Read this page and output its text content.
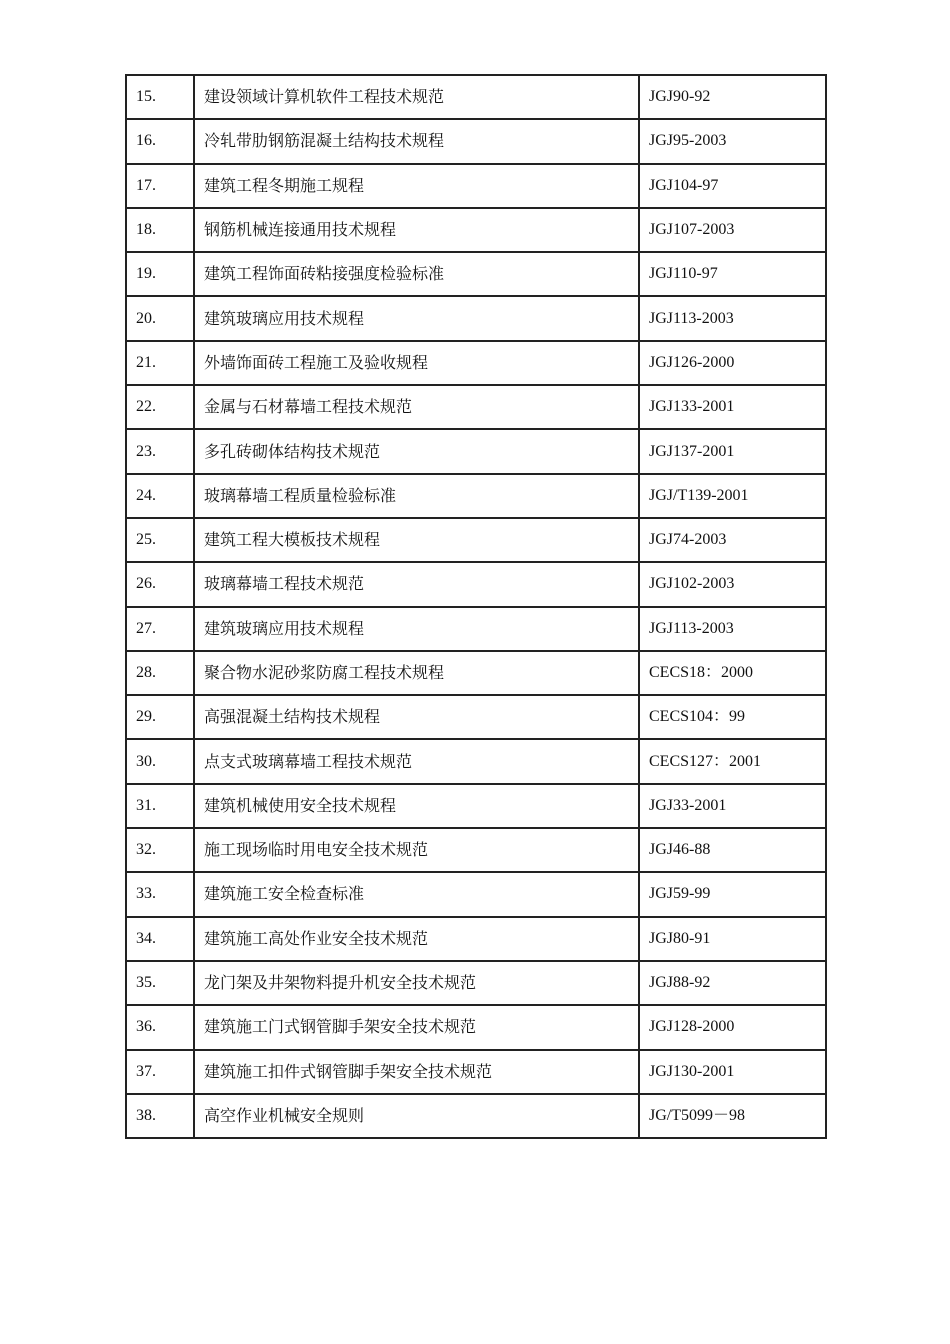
15.	建设领域计算机软件工程技术规范	JGJ90-92
16.	冷轧带肋钢筋混凝土结构技术规程	JGJ95-2003
17.	建筑工程冬期施工规程	JGJ104-97
18.	钢筋机械连接通用技术规程	JGJ107-2003
19.	建筑工程饰面砖粘接强度检验标准	JGJ110-97
20.	建筑玻璃应用技术规程	JGJ113-2003
21.	外墙饰面砖工程施工及验收规程	JGJ126-2000
22.	金属与石材幕墙工程技术规范	JGJ133-2001
23.	多孔砖砌体结构技术规范	JGJ137-2001
24.	玻璃幕墙工程质量检验标准	JGJ/T139-2001
25.	建筑工程大模板技术规程	JGJ74-2003
26.	玻璃幕墙工程技术规范	JGJ102-2003
27.	建筑玻璃应用技术规程	JGJ113-2003
28.	聚合物水泥砂浆防腐工程技术规程	CECS18：2000
29.	高强混凝土结构技术规程	CECS104：99
30.	点支式玻璃幕墙工程技术规范	CECS127：2001
31.	建筑机械使用安全技术规程	JGJ33-2001
32.	施工现场临时用电安全技术规范	JGJ46-88
33.	建筑施工安全检查标准	JGJ59-99
34.	建筑施工高处作业安全技术规范	JGJ80-91
35.	龙门架及井架物料提升机安全技术规范	JGJ88-92
36.	建筑施工门式钢管脚手架安全技术规范	JGJ128-2000
37.	建筑施工扣件式钢管脚手架安全技术规范	JGJ130-2001
38.	高空作业机械安全规则	JG/T5099－98
